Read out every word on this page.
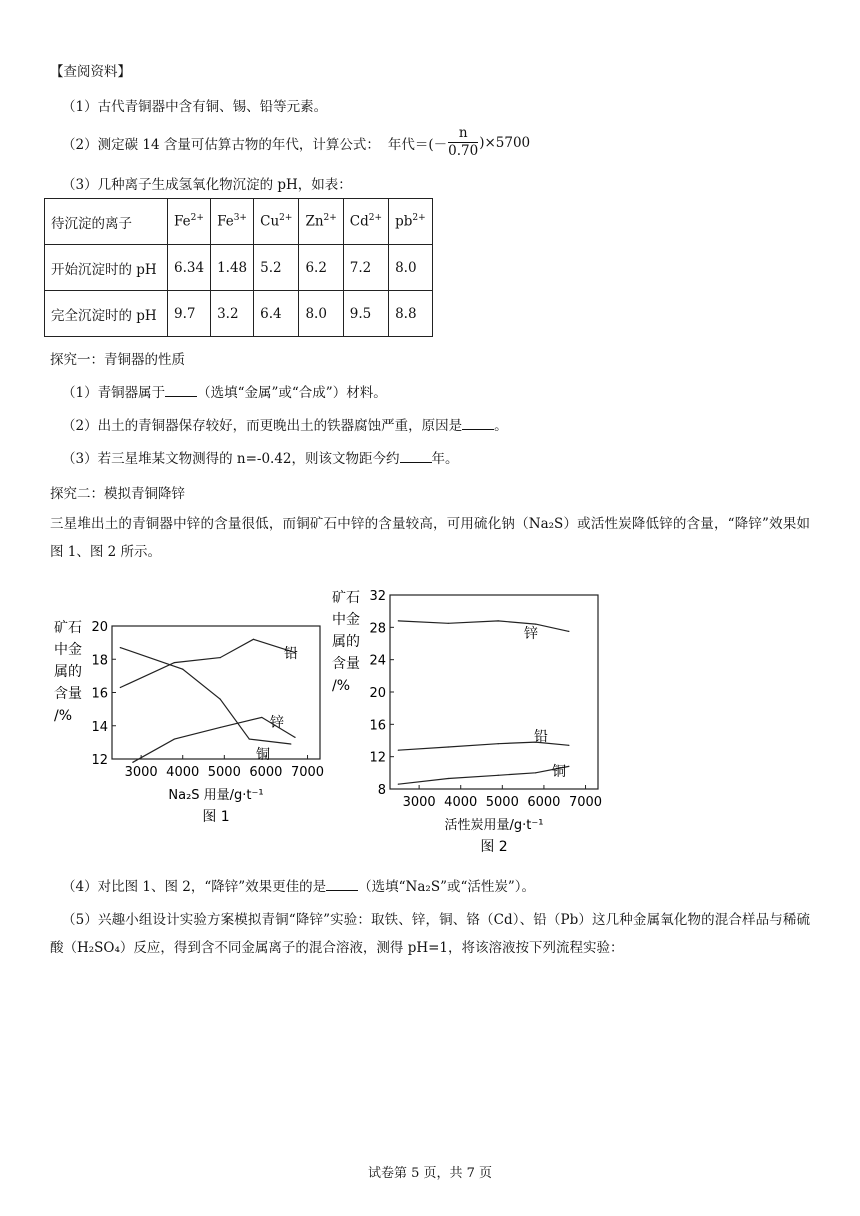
【查阅资料】
（1）古代青铜器中含有铜、锡、铅等元素。
（2）测定碳 14 含量可估算古物的年代，计算公式： 年代＝(－ $\frac{n}{0.70} )\times 5700$
（3）几种离子生成氢氧化物沉淀的 pH，如表：
待沉淀的离子	$Fe^{2+}$	$Fe^{3+}$	$Cu^{2+}$	$Zn^{2+}$	$Cd^{2+}$	$pb^{2+}$
开始沉淀时的 pH	6.34	1.48	5.2	6.2	7.2	8.0
完全沉淀时的 pH	9.7	3.2	6.4	8.0	9.5	8.8
探究一：青铜器的性质
（1）青铜器属于 （选填“金属”或“合成”）材料。
（2）出土的青铜器保存较好，而更晚出土的铁器腐蚀严重，原因是 。
（3）若三星堆某文物测得的 n=-0.42，则该文物距今约 年。
探究二：模拟青铜降锌
三星堆出土的青铜器中锌的含量很低，而铜矿石中锌的含量较高，可用硫化钠（Na₂S）或活性炭降低锌的含量，“降锌”效果如图 1、图 2 所示。
12
14
16
18
20
3000 4000 5000 6000 7000
矿石
中金
属的
含量
/%
Na₂S 用量/g·t⁻¹
图 1
铅
锌
铜
8
12
16
20
24
28
32
3000 4000 5000 6000 7000
矿石
中金
属的
含量
/%
活性炭用量/g·t⁻¹
图 2
锌
铅
铜
（4）对比图 1、图 2，“降锌”效果更佳的是 （选填“Na₂S”或“活性炭”）。
（5）兴趣小组设计实验方案模拟青铜“降锌”实验：取铁、锌，铜、铬（Cd）、铅（Pb）这几种金属氧化物的混合样品与稀硫酸（H₂SO₄）反应，得到含不同金属离子的混合溶液，测得 pH=1，将该溶液按下列流程实验：
试卷第 5 页，共 7 页
